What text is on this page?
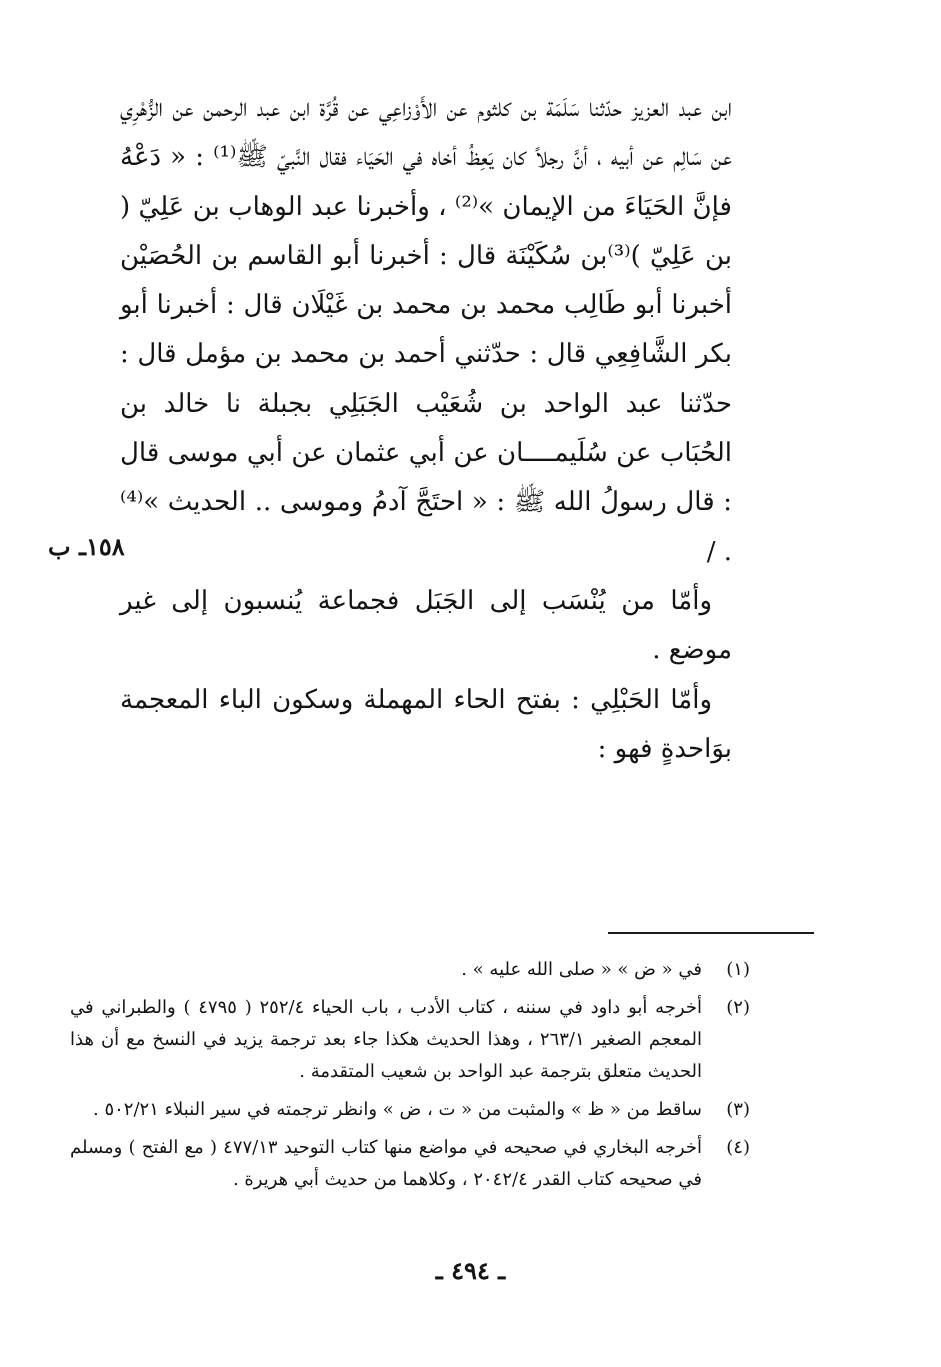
ابن عبد العزيز حدّثنا سَلَمَة بن كلثوم عن الأَوْزاعِي عن قُرَّة ابن عبد الرحمن عن الزُّهْرِي عن سَالِم عن أبيه ، أنَّ رجلاً كان يَعِظُ أخاه في الحَيَاء فقال النَّبيّ ﷺ⁽¹⁾ : « دَعْهُ فإنَّ الحَيَاءَ من الإيمان »⁽²⁾ ، وأخبرنا عبد الوهاب بن عَلِيّ ( بن عَلِيّ )⁽³⁾بن سُكَيْنَة قال : أخبرنا أبو القاسم بن الحُصَيْن أخبرنا أبو طَالِب محمد بن محمد بن غَيْلَان قال : أخبرنا أبو بكر الشَّافِعِي قال : حدّثني أحمد بن محمد بن مؤمل قال : حدّثنا عبد الواحد بن شُعَيْب الجَبَلِي بجبلة نا خالد بن الحُبَاب عن سُلَيمــــان عن أبي عثمان عن أبي موسى قال : قال رسولُ الله ﷺ : « احتَجَّ آدمُ وموسى .. الحديث »⁽⁴⁾ . /

وأمّا من يُنْسَب إلى الجَبَل فجماعة يُنسبون إلى غير موضع .

وأمّا الحَبْلِي : بفتح الحاء المهملة وسكون الباء المعجمة بوَاحدةٍ فهو :

١٥٨ـ ب
(١)
في « ض » « صلى الله عليه » .
(٢)
أخرجه أبو داود في سننه ، كتاب الأدب ، باب الحياء ٢٥٢/٤ ( ٤٧٩٥ ) والطبراني في المعجم الصغير ٢٦٣/١ ، وهذا الحديث هكذا جاء بعد ترجمة يزيد في النسخ مع أن هذا الحديث متعلق بترجمة عبد الواحد بن شعيب المتقدمة .
(٣)
ساقط من « ظ » والمثبت من « ت ، ض » وانظر ترجمته في سير النبلاء ٥٠٢/٢١ .
(٤)
أخرجه البخاري في صحيحه في مواضع منها كتاب التوحيد ٤٧٧/١٣ ( مع الفتح ) ومسلم في صحيحه كتاب القدر ٢٠٤٢/٤ ، وكلاهما من حديث أبي هريرة .
ـ ٤٩٤ ـ
